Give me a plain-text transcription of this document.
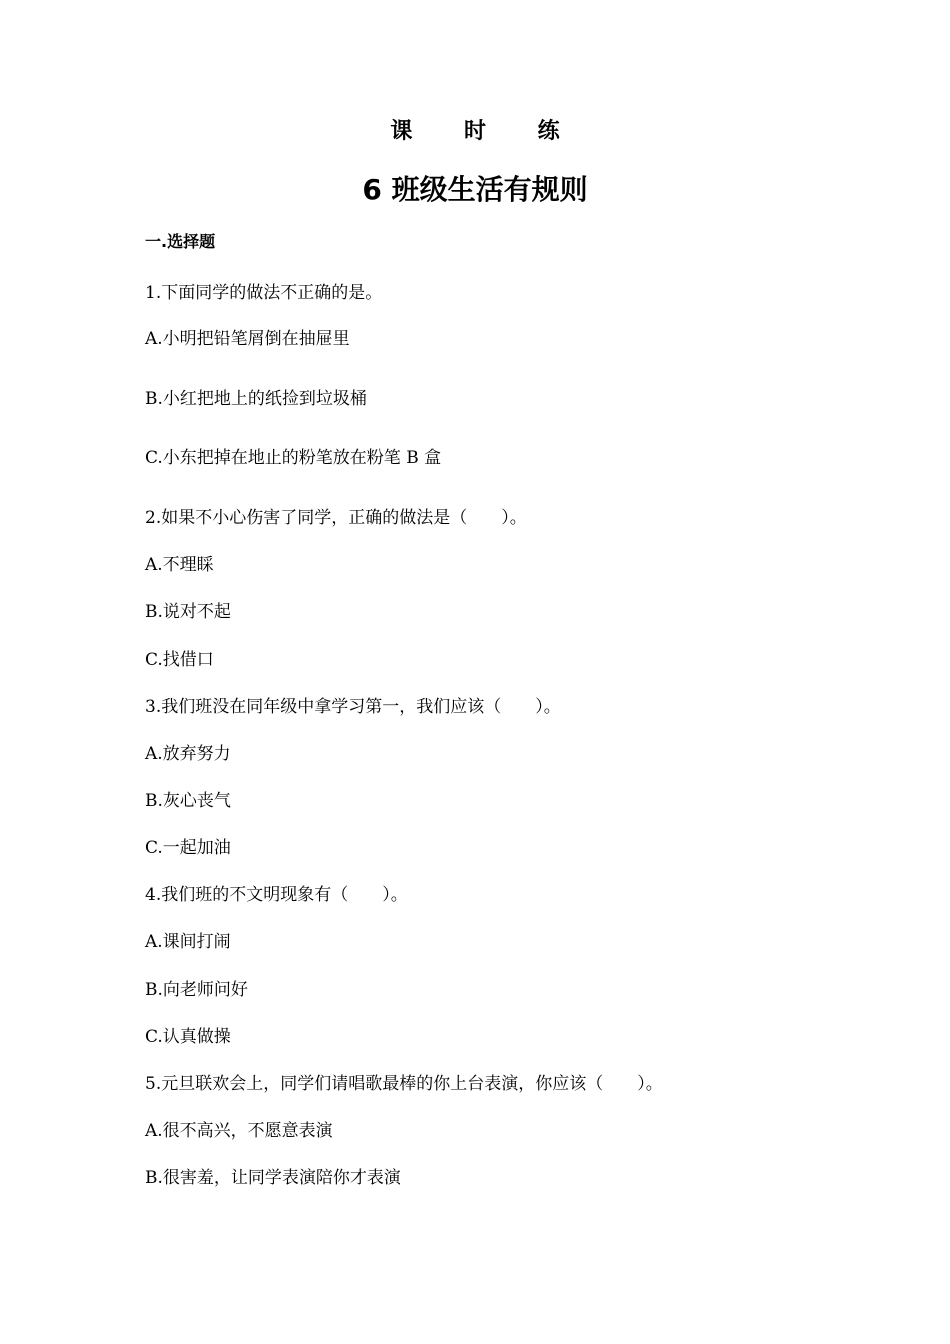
课 时 练
6 班级生活有规则
一.选择题
1.下面同学的做法不正确的是。
A.小明把铅笔屑倒在抽屉里
B.小红把地上的纸捡到垃圾桶
C.小东把掉在地止的粉笔放在粉笔 B 盒
2.如果不小心伤害了同学，正确的做法是（　　）。
A.不理睬
B.说对不起
C.找借口
3.我们班没在同年级中拿学习第一，我们应该（　　）。
A.放弃努力
B.灰心丧气
C.一起加油
4.我们班的不文明现象有（　　）。
A.课间打闹
B.向老师问好
C.认真做操
5.元旦联欢会上，同学们请唱歌最棒的你上台表演，你应该（　　）。
A.很不高兴，不愿意表演
B.很害羞，让同学表演陪你才表演
